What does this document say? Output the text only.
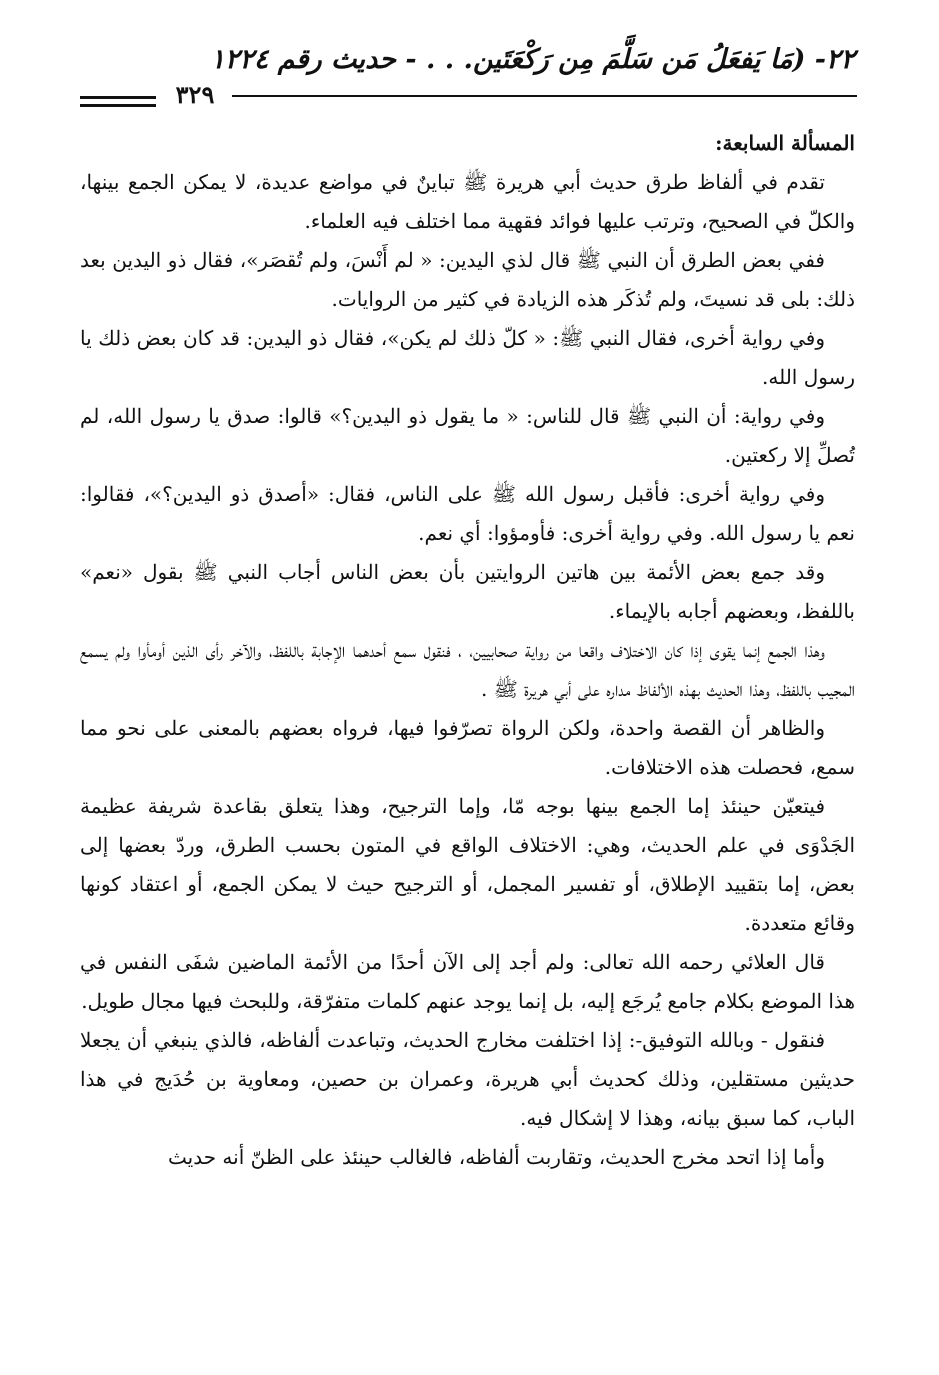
٢٢- (مَا يَفعَلُ مَن سَلَّمَ مِن رَكْعَتَين. . . - حديث رقم ١٢٢٤
٣٢٩

المسألة السابعة:

تقدم في ألفاظ طرق حديث أبي هريرة ﷺ تباينٌ في مواضع عديدة، لا يمكن الجمع بينها، والكلّ في الصحيح، وترتب عليها فوائد فقهية مما اختلف فيه العلماء.

ففي بعض الطرق أن النبي ﷺ قال لذي اليدين: « لم أَنْسَ، ولم تُقصَر»، فقال ذو اليدين بعد ذلك: بلى قد نسيتَ، ولم تُذكَر هذه الزيادة في كثير من الروايات.

وفي رواية أخرى، فقال النبي ﷺ: « كلّ ذلك لم يكن»، فقال ذو اليدين: قد كان بعض ذلك يا رسول الله.

وفي رواية: أن النبي ﷺ قال للناس: « ما يقول ذو اليدين؟» قالوا: صدق يا رسول الله، لم تُصلِّ إلا ركعتين.

وفي رواية أخرى: فأقبل رسول الله ﷺ على الناس، فقال: «أصدق ذو اليدين؟»، فقالوا: نعم يا رسول الله. وفي رواية أخرى: فأومؤوا: أي نعم.

وقد جمع بعض الأئمة بين هاتين الروايتين بأن بعض الناس أجاب النبي ﷺ بقول «نعم» باللفظ، وبعضهم أجابه بالإيماء.

وهذا الجمع إنما يقوى إذا كان الاختلاف واقعا من رواية صحابيين، ، فنقول سمع أحدهما الإجابة باللفظ، والآخر رأى الذين أومأوا ولم يسمع المجيب باللفظ، وهذا الحديث بهذه الألفاظ مداره على أبي هريرة ﷺ .

والظاهر أن القصة واحدة، ولكن الرواة تصرّفوا فيها، فرواه بعضهم بالمعنى على نحو مما سمع، فحصلت هذه الاختلافات.

فيتعيّن حينئذ إما الجمع بينها بوجه مّا، وإما الترجيح، وهذا يتعلق بقاعدة شريفة عظيمة الجَدْوَى في علم الحديث، وهي: الاختلاف الواقع في المتون بحسب الطرق، وردّ بعضها إلى بعض، إما بتقييد الإطلاق، أو تفسير المجمل، أو الترجيح حيث لا يمكن الجمع، أو اعتقاد كونها وقائع متعددة.

قال العلائي رحمه الله تعالى: ولم أجد إلى الآن أحدًا من الأئمة الماضين شفَى النفس في هذا الموضع بكلام جامع يُرجَع إليه، بل إنما يوجد عنهم كلمات متفرّقة، وللبحث فيها مجال طويل.

فنقول - وبالله التوفيق-: إذا اختلفت مخارج الحديث، وتباعدت ألفاظه، فالذي ينبغي أن يجعلا حديثين مستقلين، وذلك كحديث أبي هريرة، وعمران بن حصين، ومعاوية بن حُدَيج في هذا الباب، كما سبق بيانه، وهذا لا إشكال فيه.

وأما إذا اتحد مخرج الحديث، وتقاربت ألفاظه، فالغالب حينئذ على الظنّ أنه حديث
